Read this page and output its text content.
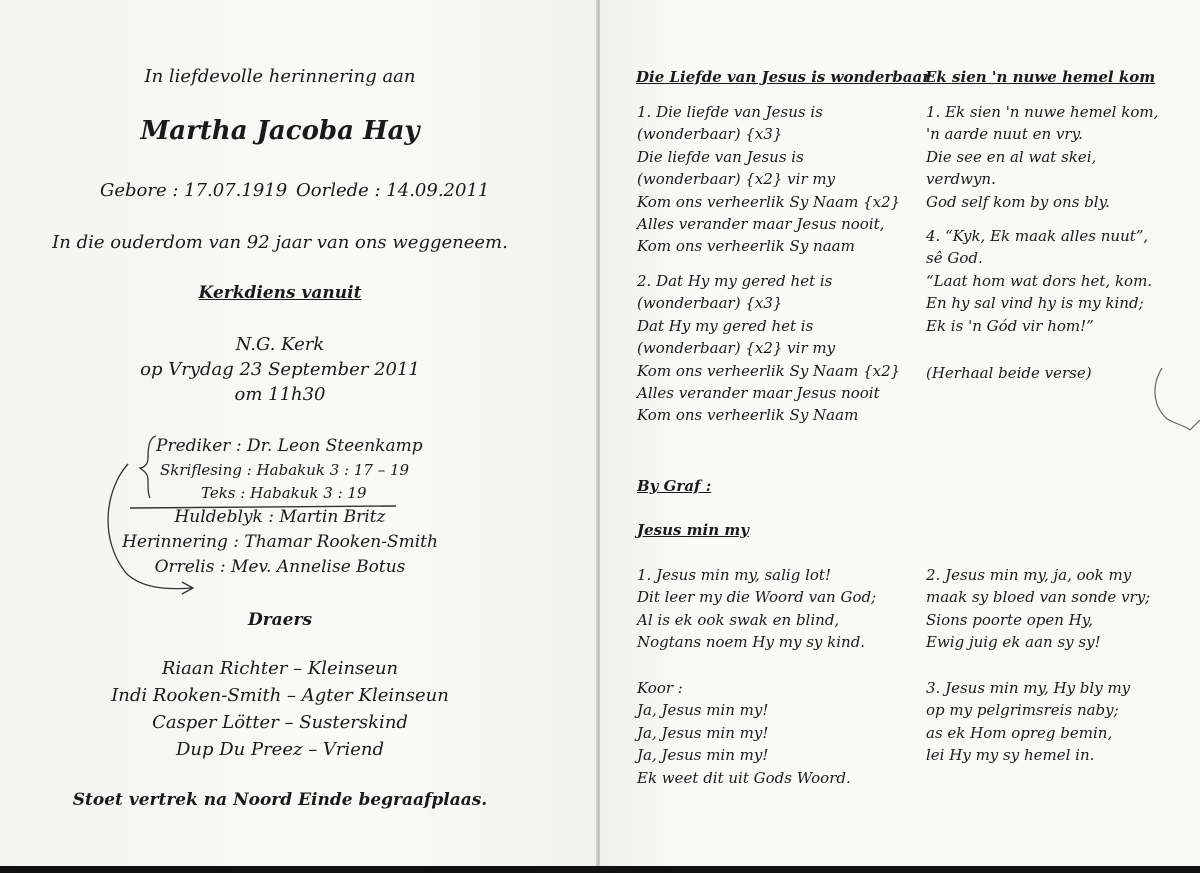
In liefdevolle herinnering aan
Martha Jacoba Hay
Gebore : 17.07.1919 Oorlede : 14.09.2011
In die ouderdom van 92 jaar van ons weggeneem.
Kerkdiens vanuit
N.G. Kerk
op Vrydag 23 September 2011
om 11h30
Prediker : Dr. Leon Steenkamp
Skriflesing : Habakuk 3 : 17 – 19
Teks : Habakuk 3 : 19
Huldeblyk : Martin Britz
Herinnering : Thamar Rooken-Smith
Orrelis : Mev. Annelise Botus
Draers
Riaan Richter – Kleinseun
Indi Rooken-Smith – Agter Kleinseun
Casper Lötter – Susterskind
Dup Du Preez – Vriend
Stoet vertrek na Noord Einde begraafplaas.
Die Liefde van Jesus is wonderbaar
Ek sien 'n nuwe hemel kom
1. Die liefde van Jesus is
(wonderbaar) {x3}
Die liefde van Jesus is
(wonderbaar) {x2} vir my
Kom ons verheerlik Sy Naam {x2}
Alles verander maar Jesus nooit,
Kom ons verheerlik Sy naam
2. Dat Hy my gered het is
(wonderbaar) {x3}
Dat Hy my gered het is
(wonderbaar) {x2} vir my
Kom ons verheerlik Sy Naam {x2}
Alles verander maar Jesus nooit
Kom ons verheerlik Sy Naam
1. Ek sien 'n nuwe hemel kom,
'n aarde nuut en vry.
Die see en al wat skei,
verdwyn.
God self kom by ons bly.
4. “Kyk, Ek maak alles nuut”,
sê God.
“Laat hom wat dors het, kom.
En hy sal vind hy is my kind;
Ek is 'n Gód vir hom!”
(Herhaal beide verse)
By Graf :
Jesus min my
1. Jesus min my, salig lot!
Dit leer my die Woord van God;
Al is ek ook swak en blind,
Nogtans noem Hy my sy kind.
Koor :
Ja, Jesus min my!
Ja, Jesus min my!
Ja, Jesus min my!
Ek weet dit uit Gods Woord.
2. Jesus min my, ja, ook my
maak sy bloed van sonde vry;
Sions poorte open Hy,
Ewig juig ek aan sy sy!
3. Jesus min my, Hy bly my
op my pelgrimsreis naby;
as ek Hom opreg bemin,
lei Hy my sy hemel in.
